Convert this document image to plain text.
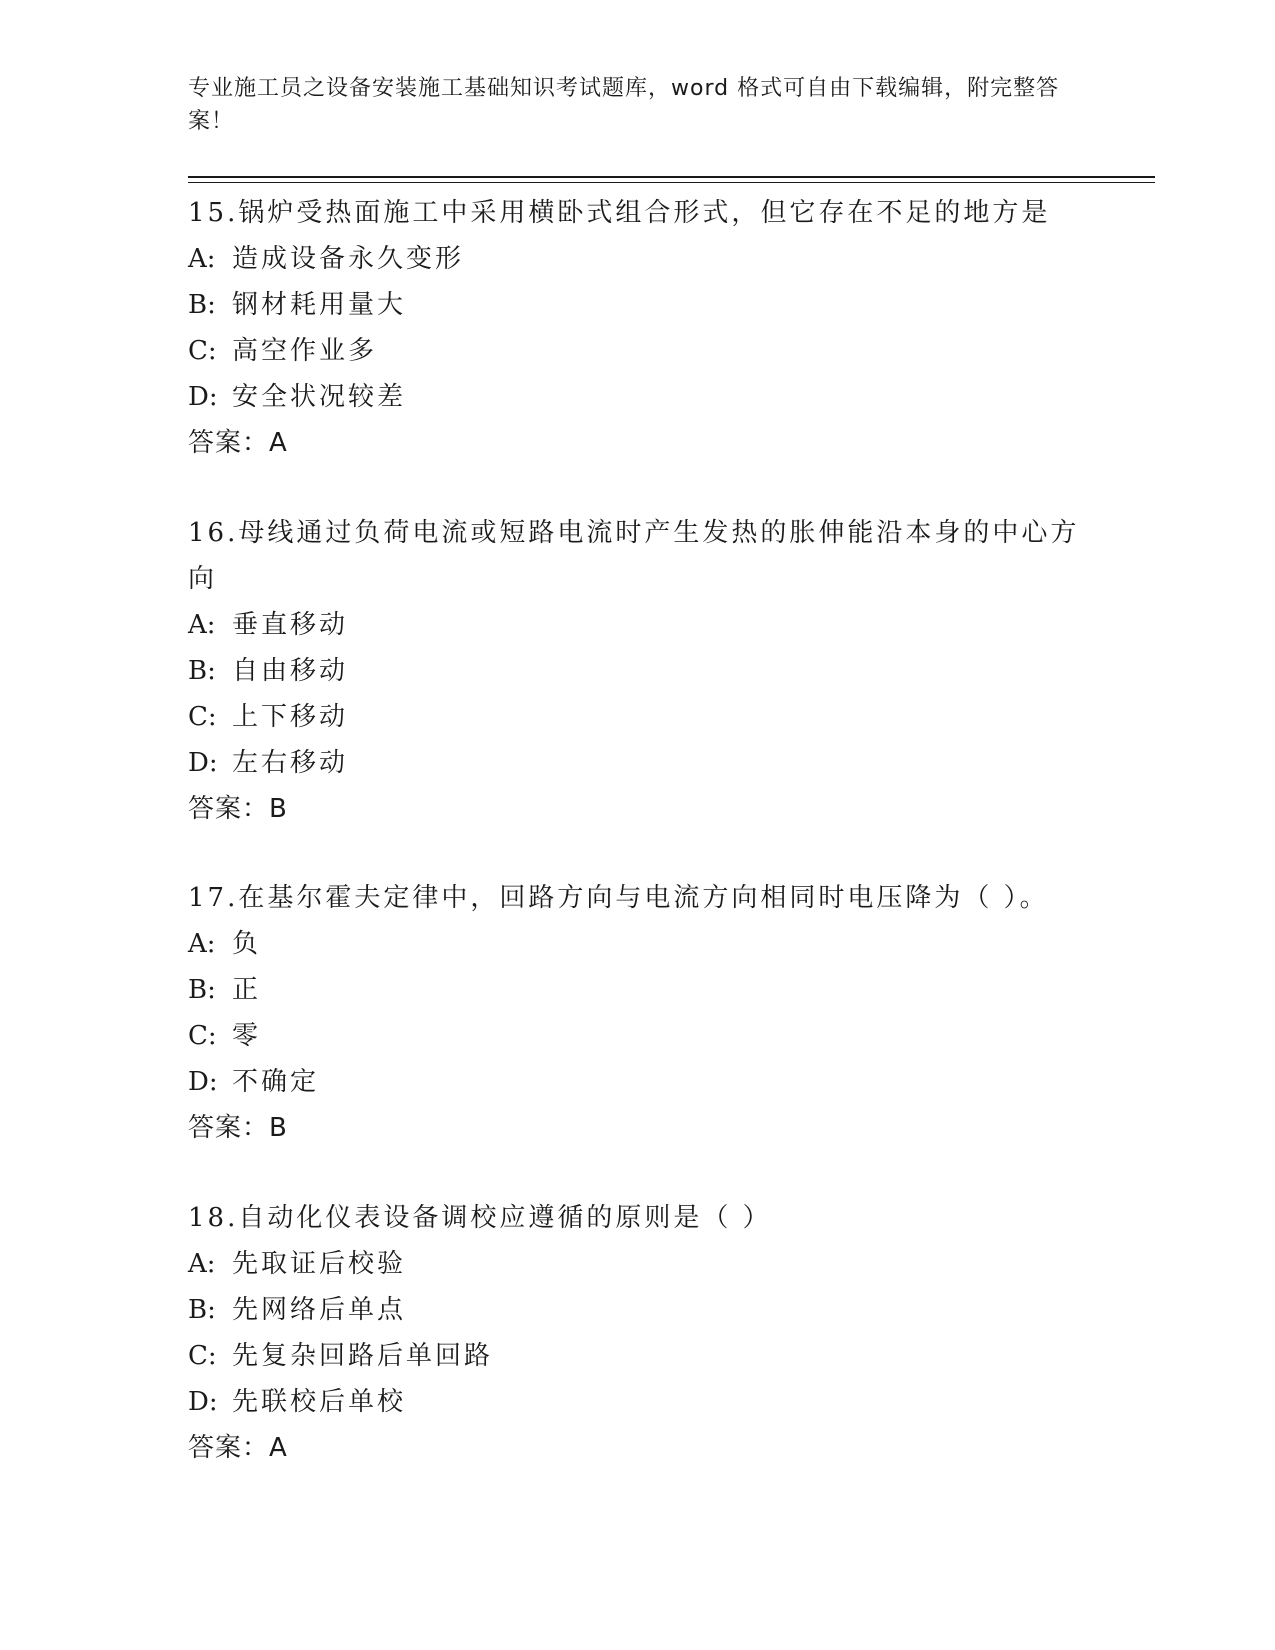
专业施工员之设备安装施工基础知识考试题库，word 格式可自由下载编辑，附完整答案！

15.锅炉受热面施工中采用横卧式组合形式，但它存在不足的地方是

A: 造成设备永久变形

B: 钢材耗用量大

C: 高空作业多

D: 安全状况较差

答案：A

16.母线通过负荷电流或短路电流时产生发热的胀伸能沿本身的中心方向

A: 垂直移动

B: 自由移动

C: 上下移动

D: 左右移动

答案：B

17.在基尔霍夫定律中，回路方向与电流方向相同时电压降为（ ）。

A: 负

B: 正

C: 零

D: 不确定

答案：B

18.自动化仪表设备调校应遵循的原则是（ ）

A: 先取证后校验

B: 先网络后单点

C: 先复杂回路后单回路

D: 先联校后单校

答案：A
